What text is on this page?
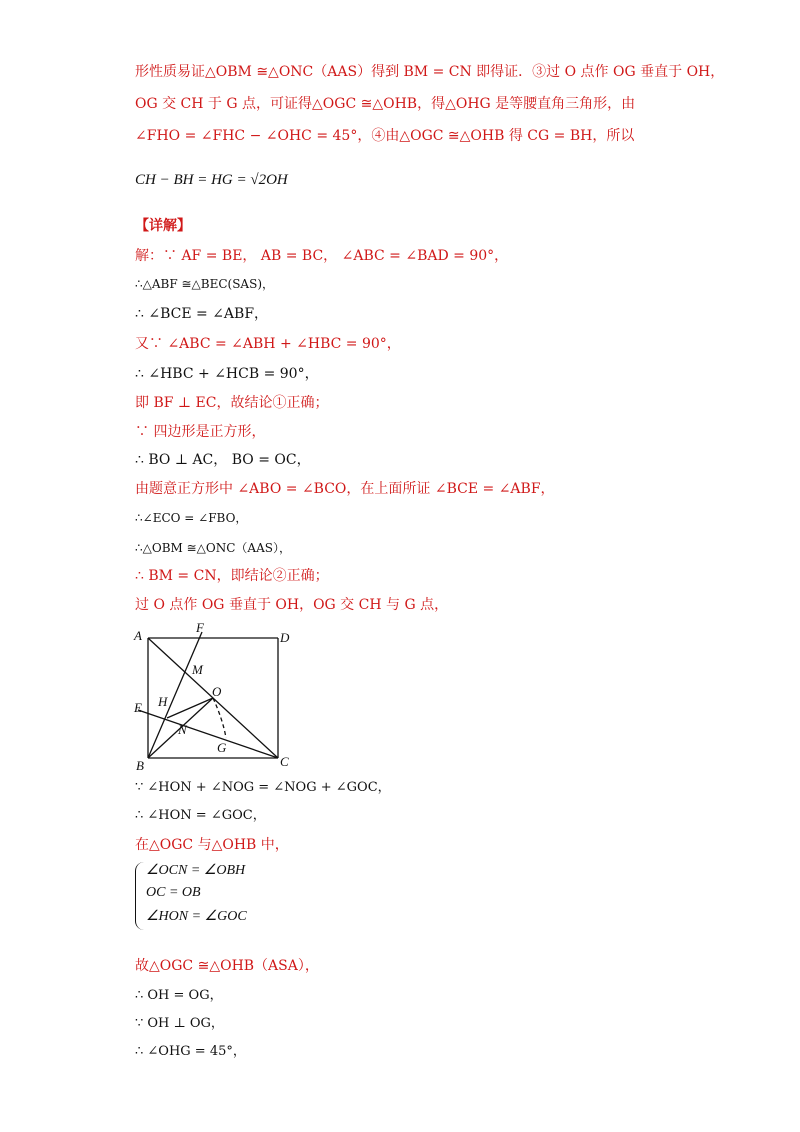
形性质易证△OBM ≅△ONC（AAS）得到 BM = CN 即得证．③过 O 点作 OG 垂直于 OH，
OG 交 CH 于 G 点，可证得△OGC ≅△OHB，得△OHG 是等腰直角三角形，由
∠FHO = ∠FHC − ∠OHC = 45°，④由△OGC ≅△OHB 得 CG = BH，所以
CH − BH = HG = √2OH
【详解】
解：∵ AF = BE， AB = BC， ∠ABC = ∠BAD = 90°，
∴△ABF ≅△BEC(SAS)，
∴ ∠BCE = ∠ABF，
又∵ ∠ABC = ∠ABH + ∠HBC = 90°，
∴ ∠HBC + ∠HCB = 90°，
即 BF ⊥ EC，故结论①正确；
∵ 四边形是正方形，
∴ BO ⊥ AC， BO = OC，
由题意正方形中 ∠ABO = ∠BCO，在上面所证 ∠BCE = ∠ABF，
∴∠ECO = ∠FBO，
∴△OBM ≅△ONC（AAS），
∴ BM = CN，即结论②正确；
过 O 点作 OG 垂直于 OH，OG 交 CH 与 G 点，
A	D
B	C
E
F
H
M
N
O
G
∵ ∠HON + ∠NOG = ∠NOG + ∠GOC，
∴ ∠HON = ∠GOC，
在△OGC 与△OHB 中，
∠OCN = ∠OBH
OC = OB
∠HON = ∠GOC
故△OGC ≅△OHB（ASA），
∴ OH = OG，
∵ OH ⊥ OG，
∴ ∠OHG = 45°，
